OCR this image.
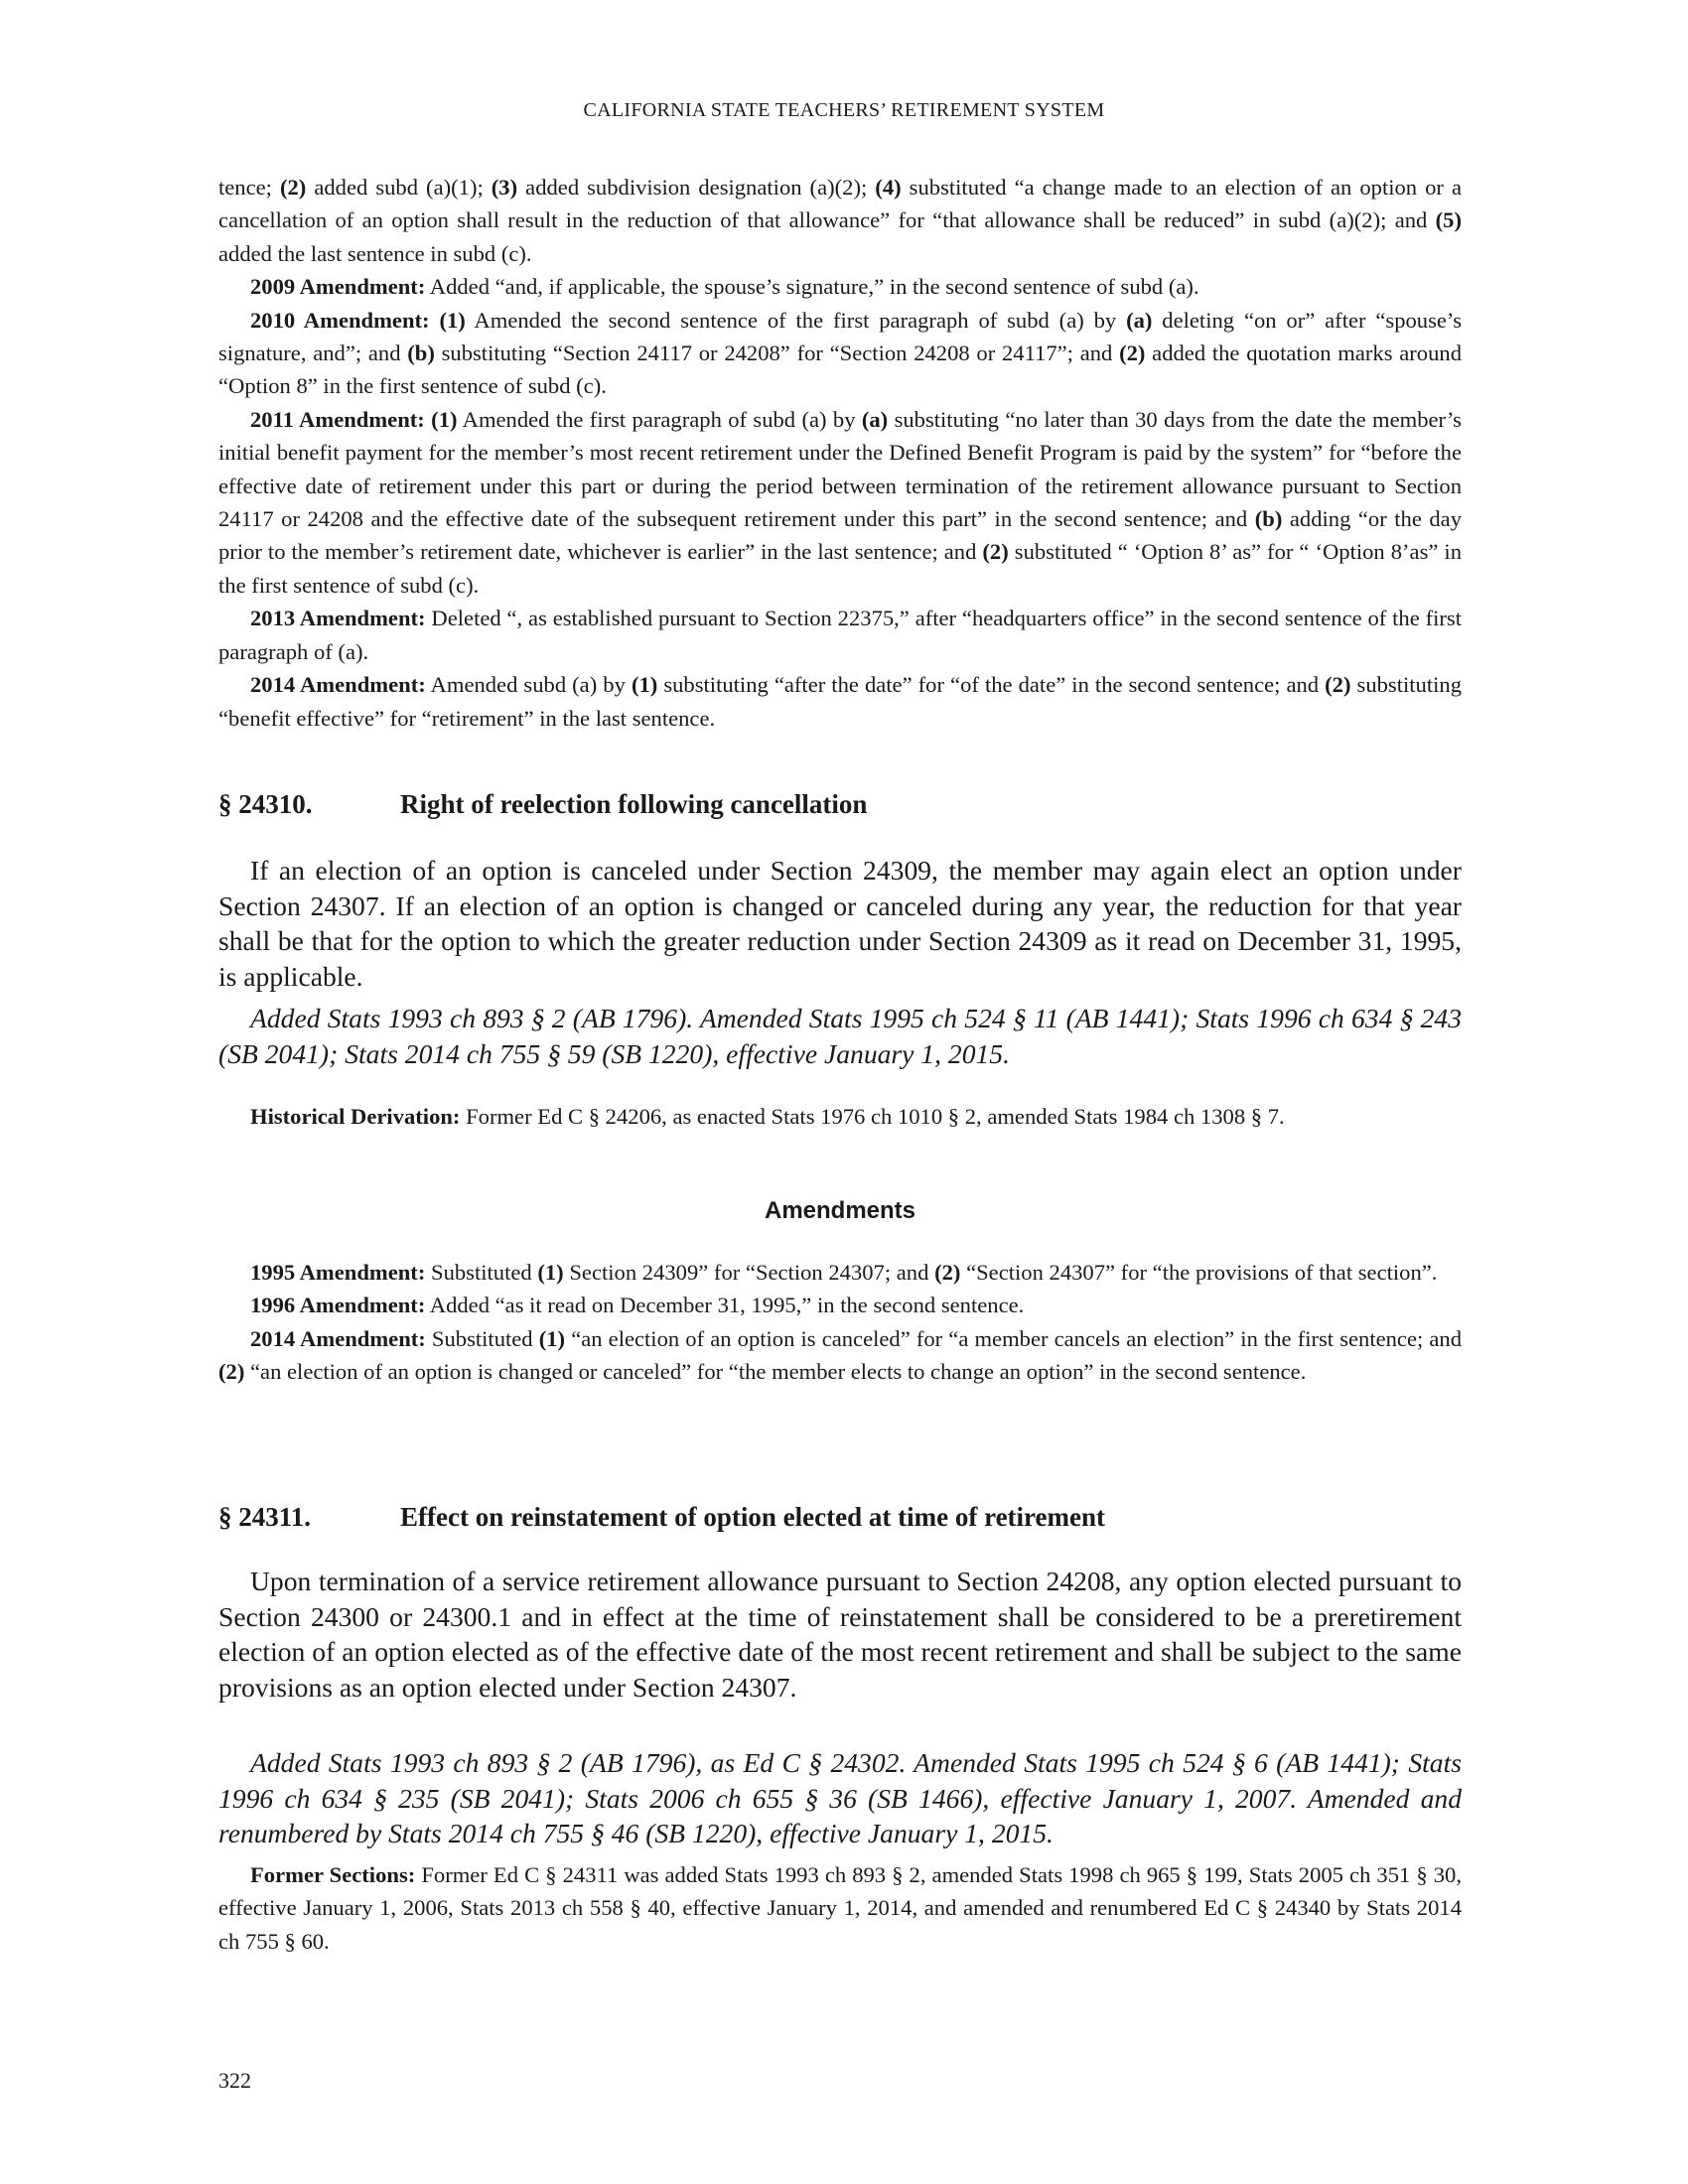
CALIFORNIA STATE TEACHERS’ RETIREMENT SYSTEM

tence; (2) added subd (a)(1); (3) added subdivision designation (a)(2); (4) substituted “a change made to an election of an option or a cancellation of an option shall result in the reduction of that allowance” for “that allowance shall be reduced” in subd (a)(2); and (5) added the last sentence in subd (c).

2009 Amendment: Added “and, if applicable, the spouse’s signature,” in the second sentence of subd (a).

2010 Amendment: (1) Amended the second sentence of the first paragraph of subd (a) by (a) deleting “on or” after “spouse’s signature, and”; and (b) substituting “Section 24117 or 24208” for “Section 24208 or 24117”; and (2) added the quotation marks around “Option 8” in the first sentence of subd (c).

2011 Amendment: (1) Amended the first paragraph of subd (a) by (a) substituting “no later than 30 days from the date the member’s initial benefit payment for the member’s most recent retirement under the Defined Benefit Program is paid by the system” for “before the effective date of retirement under this part or during the period between termination of the retirement allowance pursuant to Section 24117 or 24208 and the effective date of the subsequent retirement under this part” in the second sentence; and (b) adding “or the day prior to the member’s retirement date, whichever is earlier” in the last sentence; and (2) substituted “ ‘Option 8’ as” for “ ‘Option 8’as” in the first sentence of subd (c).

2013 Amendment: Deleted “, as established pursuant to Section 22375,” after “headquarters office” in the second sentence of the first paragraph of (a).

2014 Amendment: Amended subd (a) by (1) substituting “after the date” for “of the date” in the second sentence; and (2) substituting “benefit effective” for “retirement” in the last sentence.

§ 24310.	Right of reelection following cancellation

If an election of an option is canceled under Section 24309, the member may again elect an option under Section 24307. If an election of an option is changed or canceled during any year, the reduction for that year shall be that for the option to which the greater reduction under Section 24309 as it read on December 31, 1995, is applicable.

Added Stats 1993 ch 893 § 2 (AB 1796). Amended Stats 1995 ch 524 § 11 (AB 1441); Stats 1996 ch 634 § 243 (SB 2041); Stats 2014 ch 755 § 59 (SB 1220), effective January 1, 2015.

Historical Derivation: Former Ed C § 24206, as enacted Stats 1976 ch 1010 § 2, amended Stats 1984 ch 1308 § 7.

Amendments

1995 Amendment: Substituted (1) Section 24309” for “Section 24307; and (2) “Section 24307” for “the provisions of that section”.

1996 Amendment: Added “as it read on December 31, 1995,” in the second sentence.

2014 Amendment: Substituted (1) “an election of an option is canceled” for “a member cancels an election” in the first sentence; and (2) “an election of an option is changed or canceled” for “the member elects to change an option” in the second sentence.

§ 24311.	Effect on reinstatement of option elected at time of retirement

Upon termination of a service retirement allowance pursuant to Section 24208, any option elected pursuant to Section 24300 or 24300.1 and in effect at the time of reinstatement shall be considered to be a preretirement election of an option elected as of the effective date of the most recent retirement and shall be subject to the same provisions as an option elected under Section 24307.

Added Stats 1993 ch 893 § 2 (AB 1796), as Ed C § 24302. Amended Stats 1995 ch 524 § 6 (AB 1441); Stats 1996 ch 634 § 235 (SB 2041); Stats 2006 ch 655 § 36 (SB 1466), effective January 1, 2007. Amended and renumbered by Stats 2014 ch 755 § 46 (SB 1220), effective January 1, 2015.

Former Sections: Former Ed C § 24311 was added Stats 1993 ch 893 § 2, amended Stats 1998 ch 965 § 199, Stats 2005 ch 351 § 30, effective January 1, 2006, Stats 2013 ch 558 § 40, effective January 1, 2014, and amended and renumbered Ed C § 24340 by Stats 2014 ch 755 § 60.

322
